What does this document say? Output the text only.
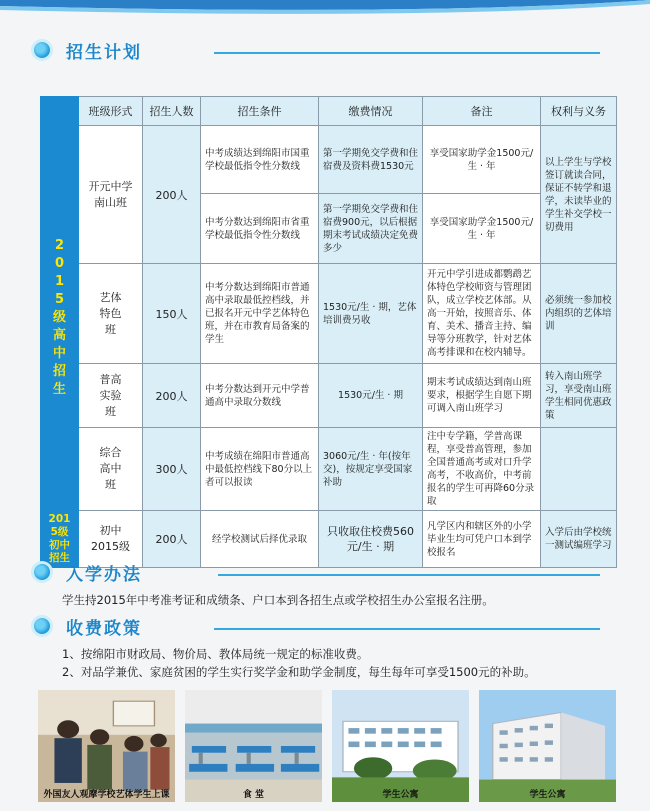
招生计划
	班级形式	招生人数	招生条件	缴费情况	备注	权利与义务
2015级高中招生	开元中学南山班	200人	中考成绩达到绵阳市国重学校最低指令性分数线	第一学期免交学费和住宿费及资料费1530元	享受国家助学金1500元/生 · 年	以上学生与学校签订就读合同，保证不转学和退学，未读毕业的学生补交学校一切费用
			中考分数达到绵阳市省重学校最低指令性分数线	第一学期免交学费和住宿费900元，以后根据期末考试成绩决定免费多少	享受国家助学金1500元/生 · 年	
	艺体特色班	150人	中考分数达到绵阳市普通高中录取最低控档线，并已报名开元中学艺体特色班，并在市教育局备案的学生	1530元/生 · 期，艺体培训费另收	开元中学引进成都鹦鹉艺体特色学校师资与管理团队，成立学校艺体部。从高一开始，按照音乐、体育、美术、播音主持、编导等分班教学，针对艺体高考排课和在校内辅导。	必须统一参加校内组织的艺体培训
	普高实验班	200人	中考分数达到开元中学普通高中录取分数线	1530元/生 · 期	期末考试成绩达到南山班要求，根据学生自愿下期可调入南山班学习	转入南山班学习，享受南山班学生相同优惠政策
	综合高中班	300人	中考成绩在绵阳市普通高中最低控档线下80分以上者可以报读	3060元/生 · 年(按年交)，按规定享受国家补助	注中专学籍，学普高课程，享受普高管理，参加全国普通高考或对口升学高考，不收高价，中考前报名的学生可再降60分录取	
2015级初中招生	初中2015级	200人	经学校测试后择优录取	只收取住校费560元/生 · 期	凡学区内和辖区外的小学毕业生均可凭户口本到学校报名	入学后由学校统一测试编班学习
入学办法
学生持2015年中考准考证和成绩条、户口本到各招生点或学校招生办公室报名注册。
收费政策
1、按绵阳市财政局、物价局、教体局统一规定的标准收费。
2、对品学兼优、家庭贫困的学生实行奖学金和助学金制度，每生每年可享受1500元的补助。
外国友人观摩学校艺体学生上课	食 堂	学生公寓	学生公寓
